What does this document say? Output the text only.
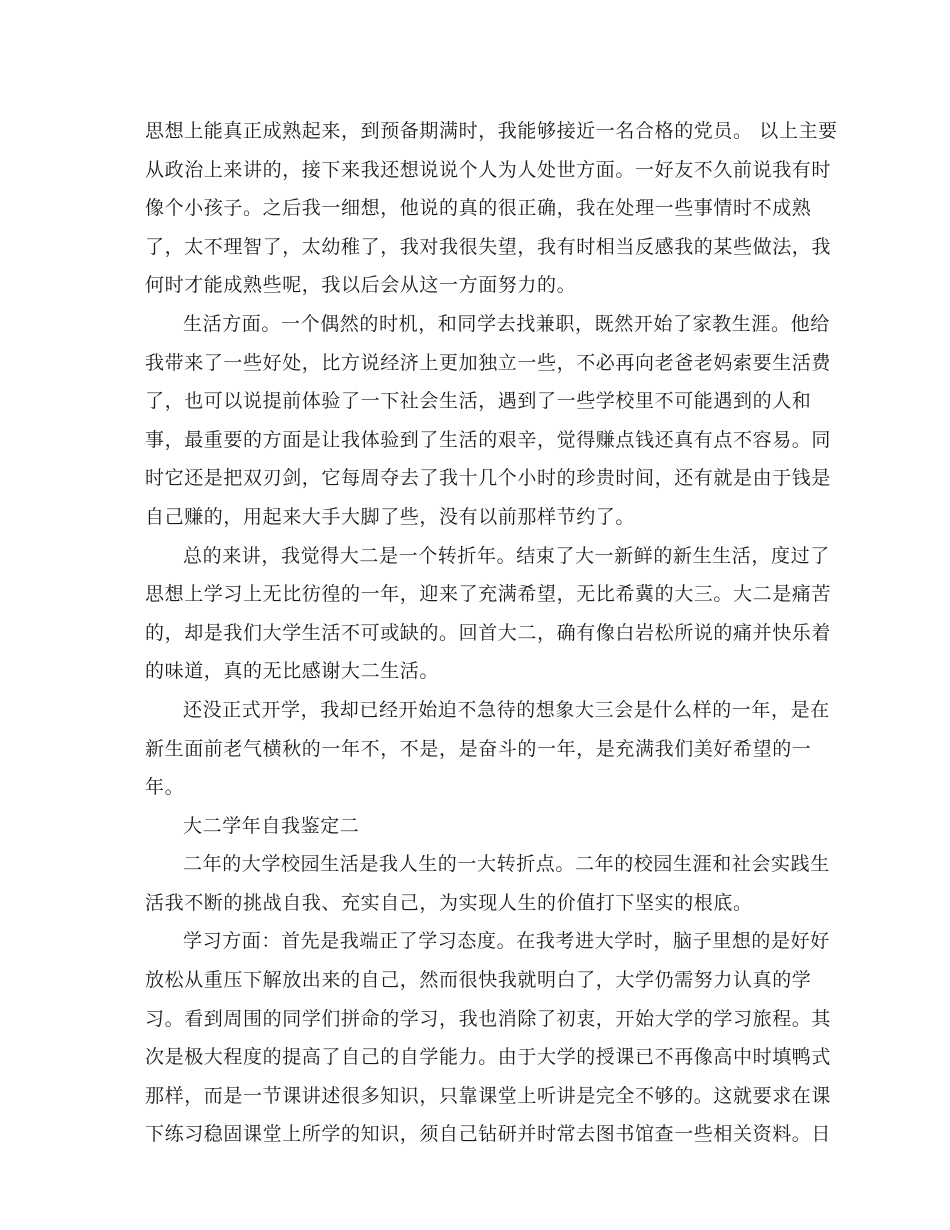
思想上能真正成熟起来，到预备期满时，我能够接近一名合格的党员。 以上主要
从政治上来讲的，接下来我还想说说个人为人处世方面。一好友不久前说我有时
像个小孩子。之后我一细想，他说的真的很正确，我在处理一些事情时不成熟
了，太不理智了，太幼稚了，我对我很失望，我有时相当反感我的某些做法，我
何时才能成熟些呢，我以后会从这一方面努力的。

生活方面。一个偶然的时机，和同学去找兼职，既然开始了家教生涯。他给
我带来了一些好处，比方说经济上更加独立一些，不必再向老爸老妈索要生活费
了，也可以说提前体验了一下社会生活，遇到了一些学校里不可能遇到的人和
事，最重要的方面是让我体验到了生活的艰辛，觉得赚点钱还真有点不容易。同
时它还是把双刃剑，它每周夺去了我十几个小时的珍贵时间，还有就是由于钱是
自己赚的，用起来大手大脚了些，没有以前那样节约了。

总的来讲，我觉得大二是一个转折年。结束了大一新鲜的新生生活，度过了
思想上学习上无比彷徨的一年，迎来了充满希望，无比希冀的大三。大二是痛苦
的，却是我们大学生活不可或缺的。回首大二，确有像白岩松所说的痛并快乐着
的味道，真的无比感谢大二生活。

还没正式开学，我却已经开始迫不急待的想象大三会是什么样的一年，是在
新生面前老气横秋的一年不，不是，是奋斗的一年，是充满我们美好希望的一
年。

大二学年自我鉴定二

二年的大学校园生活是我人生的一大转折点。二年的校园生涯和社会实践生
活我不断的挑战自我、充实自己，为实现人生的价值打下坚实的根底。

学习方面：首先是我端正了学习态度。在我考进大学时，脑子里想的是好好
放松从重压下解放出来的自己，然而很快我就明白了，大学仍需努力认真的学
习。看到周围的同学们拼命的学习，我也消除了初衷，开始大学的学习旅程。其
次是极大程度的提高了自己的自学能力。由于大学的授课已不再像高中时填鸭式
那样，而是一节课讲述很多知识，只靠课堂上听讲是完全不够的。这就要求在课
下练习稳固课堂上所学的知识，须自己钻研并时常去图书馆查一些相关资料。日
